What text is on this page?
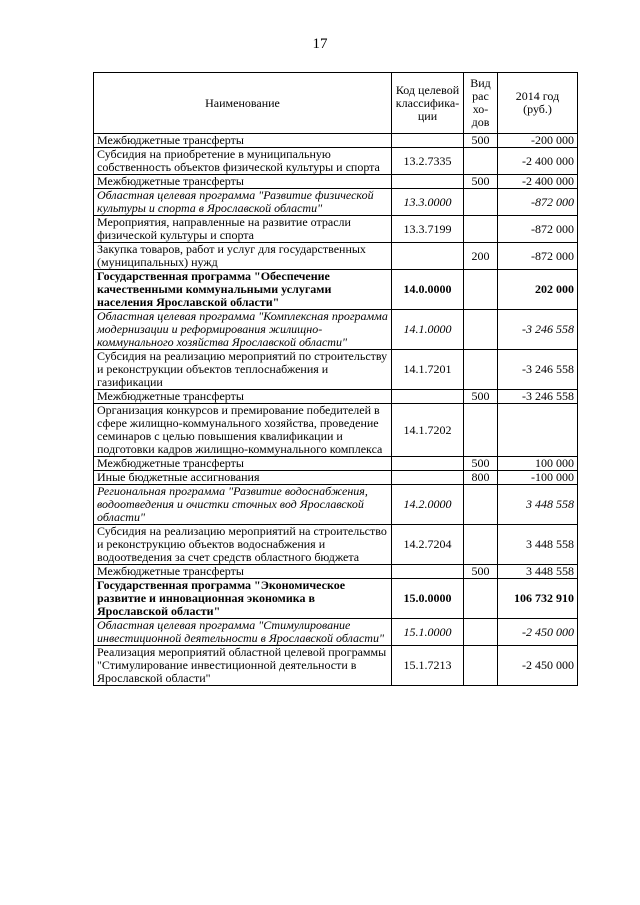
17
Наименование	Код целевой классифика-ции	Вид рас хо-дов	2014 год (руб.)
Межбюджетные трансферты		500	-200 000
Субсидия на приобретение в муниципальную собственность объектов физической культуры и спорта	13.2.7335		-2 400 000
Межбюджетные трансферты		500	-2 400 000
Областная целевая программа "Развитие физической культуры и спорта в Ярославской области"	13.3.0000		-872 000
Мероприятия, направленные на развитие отрасли физической культуры и спорта	13.3.7199		-872 000
Закупка товаров, работ и услуг для государственных (муниципальных) нужд		200	-872 000
Государственная программа "Обеспечение качественными коммунальными услугами населения Ярославской области"	14.0.0000		202 000
Областная целевая программа "Комплексная программа модернизации и реформирования жилищно-коммунального хозяйства Ярославской области"	14.1.0000		-3 246 558
Субсидия на реализацию мероприятий по строительству и реконструкции объектов теплоснабжения и газификации	14.1.7201		-3 246 558
Межбюджетные трансферты		500	-3 246 558
Организация конкурсов и премирование победителей в сфере жилищно-коммунального хозяйства, проведение семинаров с целью повышения квалификации и подготовки кадров жилищно-коммунального комплекса	14.1.7202		
Межбюджетные трансферты		500	100 000
Иные бюджетные ассигнования		800	-100 000
Региональная программа "Развитие водоснабжения, водоотведения и очистки сточных вод Ярославской области"	14.2.0000		3 448 558
Субсидия на реализацию мероприятий на строительство и реконструкцию объектов водоснабжения и водоотведения за счет средств областного бюджета	14.2.7204		3 448 558
Межбюджетные трансферты		500	3 448 558
Государственная программа "Экономическое развитие и инновационная экономика в Ярославской области"	15.0.0000		106 732 910
Областная целевая программа "Стимулирование инвестиционной деятельности в Ярославской области"	15.1.0000		-2 450 000
Реализация мероприятий областной целевой программы "Стимулирование инвестиционной деятельности в Ярославской области"	15.1.7213		-2 450 000
